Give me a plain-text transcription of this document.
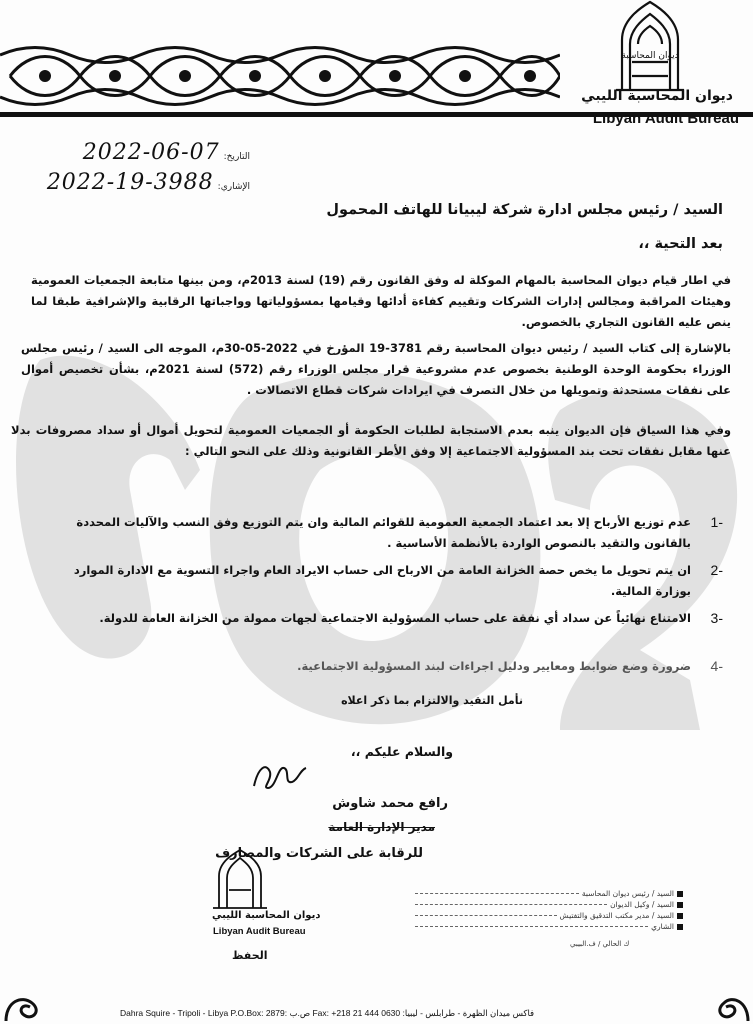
ديوان المحاسبة
ديوان المحاسبة الليبي
Libyan Audit Bureau
التاريخ:
2022-06-07
الإشاري:
2022-19-3988
السيد / رئيس مجلس ادارة شركة ليبيانا للهاتف المحمول
بعد التحية ،،
في اطار قيام ديوان المحاسبة بالمهام الموكلة له وفق القانون رقم (19) لسنة 2013م، ومن بينها متابعة الجمعيات العمومية وهيئات المراقبة ومجالس إدارات الشركات وتقييم كفاءة أدائها وقيامها بمسؤولياتها وواجباتها الرقابية والإشرافية طبقا لما ينص عليه القانون التجاري بالخصوص.
بالإشارة إلى كتاب السيد / رئيس ديوان المحاسبة رقم 3781-19 المؤرخ في 2022-05-30م، الموجه الى السيد / رئيس مجلس الوزراء بحكومة الوحدة الوطنية بخصوص عدم مشروعية قرار مجلس الوزراء رقم (572) لسنة 2021م، بشأن تخصيص أموال على نفقات مستحدثة وتمويلها من خلال التصرف في ايرادات شركات قطاع الاتصالات .
وفي هذا السياق فإن الديوان ينبه بعدم الاستجابة لطلبات الحكومة أو الجمعيات العمومية لتحويل أموال أو سداد مصروفات بدلا عنها مقابل نفقات تحت بند المسؤولية الاجتماعية إلا وفق الأطر القانونية وذلك على النحو التالي :
-1
عدم توزيع الأرباح إلا بعد اعتماد الجمعية العمومية للقوائم المالية وان يتم التوزيع وفق النسب والآليات المحددة بالقانون والتقيد بالنصوص الواردة بالأنظمة الأساسية .
-2
ان يتم تحويل ما يخص حصة الخزانة العامة من الارباح الى حساب الايراد العام واجراء التسوية مع الادارة الموارد بوزارة المالية.
-3
الامتناع نهائياً عن سداد أي نفقة على حساب المسؤولية الاجتماعية لجهات ممولة من الخزانة العامة للدولة.
-4
ضرورة وضع ضوابط ومعايير ودليل اجراءات لبند المسؤولية الاجتماعية.
نأمل التقيد والالتزام بما ذكر اعلاه
والسلام عليكم ،،
رافع محمد شاوش
مدير الإدارة العامة
للرقابة على الشركات والمصارف
ديوان المحاسبة الليبي
Libyan Audit Bureau
الحفظ
السيد / رئيس ديوان المحاسبة
السيد / وكيل الديوان
السيد / مدير مكتب التدقيق والتفتيش
الشاري
ك الحالي / ف.البيبي
Dahra Squire - Tripoli - Libya P.O.Box: 2879: ص.ب Fax: +218 21 444 0630 :فاكس ميدان الظهرة - طرابلس - ليبيا
